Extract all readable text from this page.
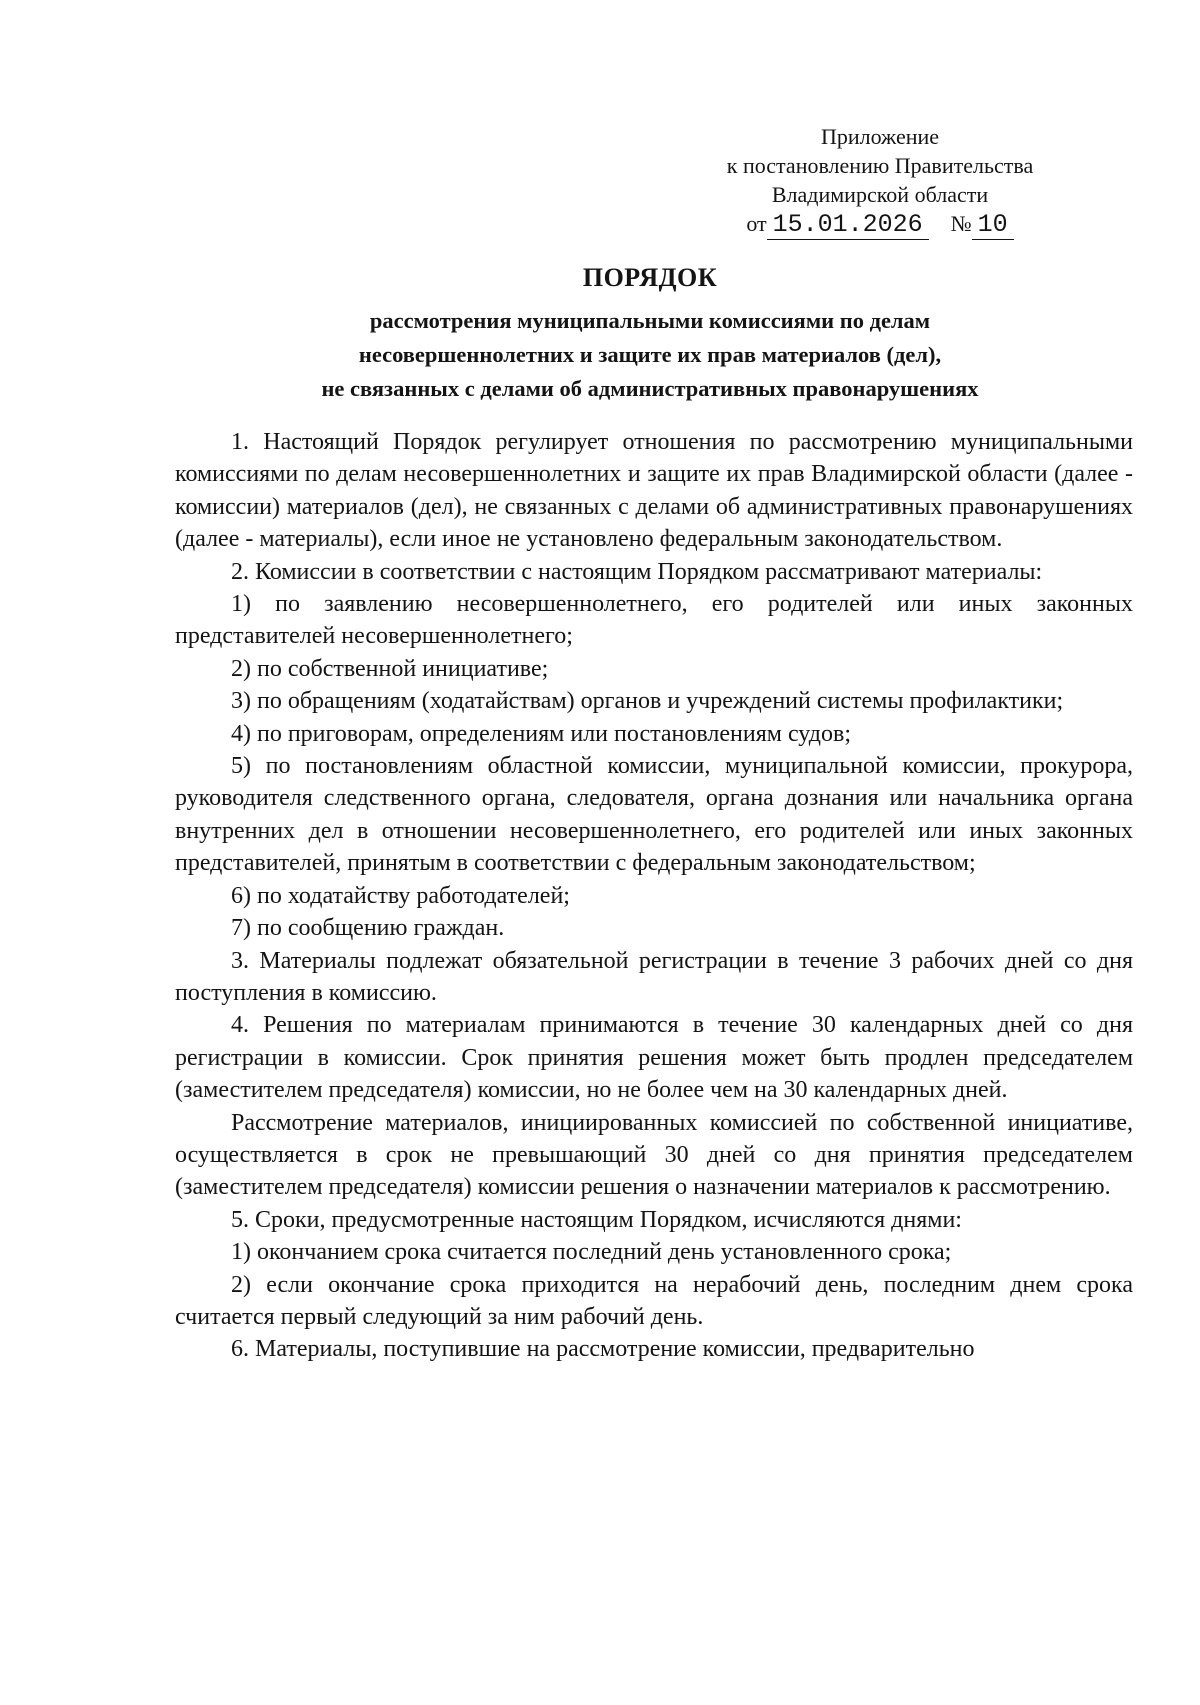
Приложение
к постановлению Правительства
Владимирской области
от 15.01.2026 № 10
ПОРЯДОК
рассмотрения муниципальными комиссиями по делам
несовершеннолетних и защите их прав материалов (дел),
не связанных с делами об административных правонарушениях

1. Настоящий Порядок регулирует отношения по рассмотрению муниципальными комиссиями по делам несовершеннолетних и защите их прав Владимирской области (далее - комиссии) материалов (дел), не связанных с делами об административных правонарушениях (далее - материалы), если иное не установлено федеральным законодательством.

2. Комиссии в соответствии с настоящим Порядком рассматривают материалы:

1) по заявлению несовершеннолетнего, его родителей или иных законных представителей несовершеннолетнего;

2) по собственной инициативе;

3) по обращениям (ходатайствам) органов и учреждений системы профилактики;

4) по приговорам, определениям или постановлениям судов;

5) по постановлениям областной комиссии, муниципальной комиссии, прокурора, руководителя следственного органа, следователя, органа дознания или начальника органа внутренних дел в отношении несовершеннолетнего, его родителей или иных законных представителей, принятым в соответствии с федеральным законодательством;

6) по ходатайству работодателей;

7) по сообщению граждан.

3. Материалы подлежат обязательной регистрации в течение 3 рабочих дней со дня поступления в комиссию.

4. Решения по материалам принимаются в течение 30 календарных дней со дня регистрации в комиссии. Срок принятия решения может быть продлен председателем (заместителем председателя) комиссии, но не более чем на 30 календарных дней.

Рассмотрение материалов, инициированных комиссией по собственной инициативе, осуществляется в срок не превышающий 30 дней со дня принятия председателем (заместителем председателя) комиссии решения о назначении материалов к рассмотрению.

5. Сроки, предусмотренные настоящим Порядком, исчисляются днями:

1) окончанием срока считается последний день установленного срока;

2) если окончание срока приходится на нерабочий день, последним днем срока считается первый следующий за ним рабочий день.

6. Материалы, поступившие на рассмотрение комиссии, предварительно
